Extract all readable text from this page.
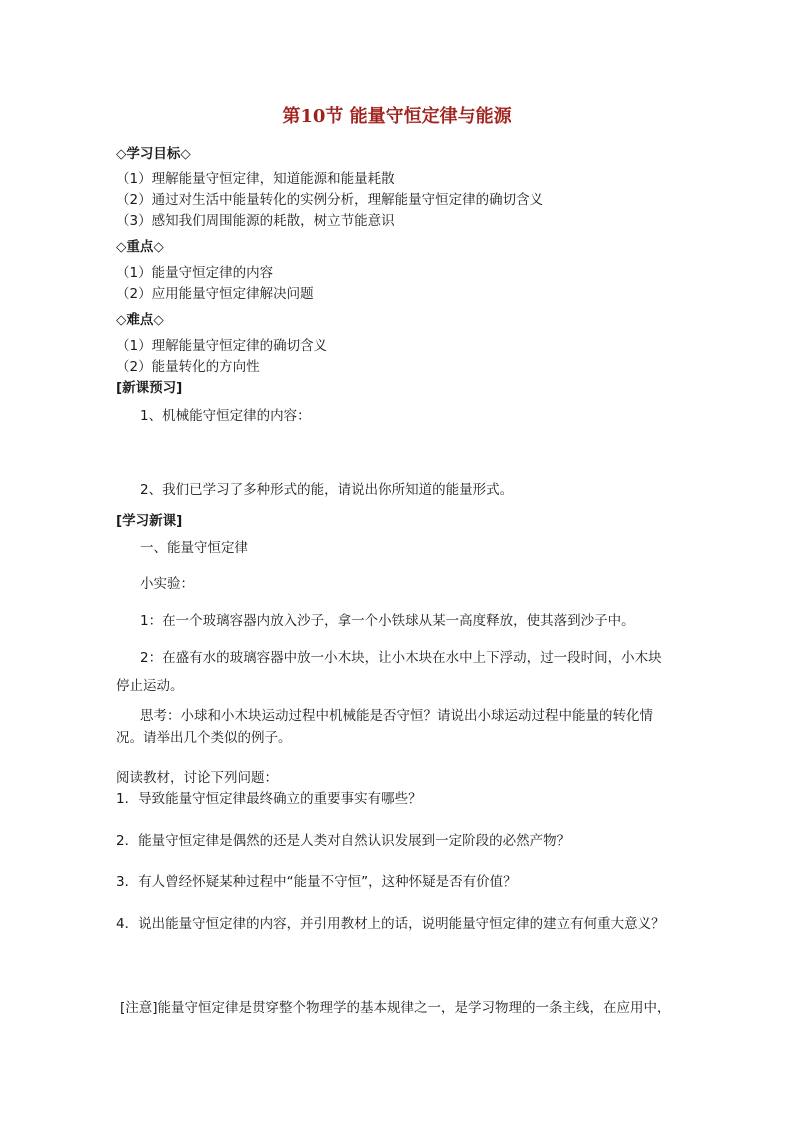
第10节 能量守恒定律与能源
◇学习目标◇
（1）理解能量守恒定律，知道能源和能量耗散
（2）通过对生活中能量转化的实例分析，理解能量守恒定律的确切含义
（3）感知我们周围能源的耗散，树立节能意识
◇重点◇
（1）能量守恒定律的内容
（2）应用能量守恒定律解决问题
◇难点◇
（1）理解能量守恒定律的确切含义
（2）能量转化的方向性
[新课预习]
1、机械能守恒定律的内容：
2、我们已学习了多种形式的能，请说出你所知道的能量形式。
[学习新课]
一、能量守恒定律
小实验：
1：在一个玻璃容器内放入沙子，拿一个小铁球从某一高度释放，使其落到沙子中。
2：在盛有水的玻璃容器中放一小木块，让小木块在水中上下浮动，过一段时间，小木块
停止运动。
思考：小球和小木块运动过程中机械能是否守恒？请说出小球运动过程中能量的转化情
况。请举出几个类似的例子。
阅读教材，讨论下列问题：
1．导致能量守恒定律最终确立的重要事实有哪些？
2．能量守恒定律是偶然的还是人类对自然认识发展到一定阶段的必然产物？
3．有人曾经怀疑某种过程中“能量不守恒”，这种怀疑是否有价值？
4．说出能量守恒定律的内容，并引用教材上的话，说明能量守恒定律的建立有何重大意义？
[注意]能量守恒定律是贯穿整个物理学的基本规律之一，是学习物理的一条主线，在应用中，
